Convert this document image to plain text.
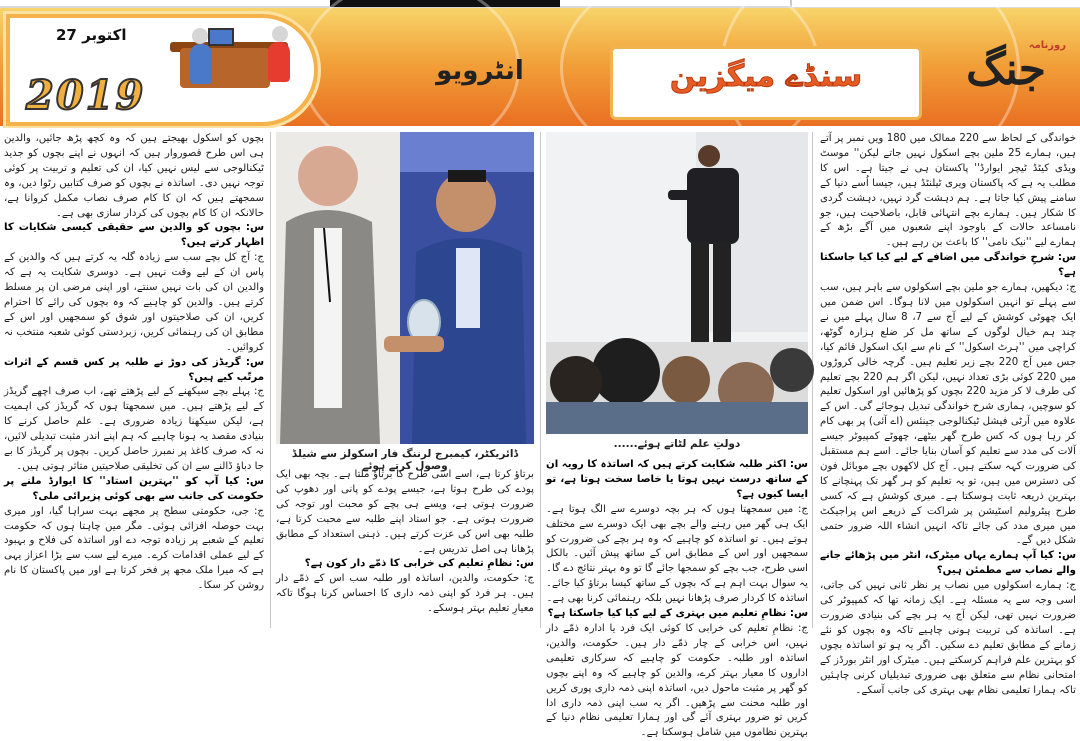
27 اکتوبر
2019
انٹرویو	سنڈے میگزین
روزنامہ
جنگ
خواندگی کے لحاظ سے 220 ممالک میں 180 ویں نمبر پر آتے ہیں، ہمارے 25 ملین بچے اسکول نہیں جاتے لیکن'' موسٹ ویڈی کیٹڈ ٹیچر ایوارڈ'' پاکستان ہی نے جیتا ہے۔ اس کا مطلب یہ ہے کہ پاکستان ویری ٹیلنٹڈ ہیں، جیسا اُسے دنیا کے سامنے پیش کیا جاتا ہے۔ ہم دہشت گرد نہیں، دہشت گردی کا شکار ہیں۔ ہمارے بچے انتہائی قابل، باصلاحیت ہیں، جو نامساعد حالات کے باوجود اپنے شعبوں میں آگے بڑھ کے ہمارے لیے ''نیک نامی'' کا باعث بن رہے ہیں۔
س: شرحِ خواندگی میں اضافے کے لیے کیا کیا جاسکتا ہے؟
ج: دیکھیں، ہمارے جو ملین بچے اسکولوں سے باہر ہیں، سب سے پہلے تو انہیں اسکولوں میں لانا ہوگا۔ اس ضمن میں ایک چھوٹی کوشش کے لیے آج سے 7، 8 سال پہلے میں نے چند ہم خیال لوگوں کے ساتھ مل کر ضلع ہزارہ گوٹھ، کراچی میں ''ہرٹ اسکول'' کے نام سے ایک اسکول قائم کیا، جس میں آج 220 بچے زیر تعلیم ہیں۔ گرچہ خالی کروڑوں میں 220 کوئی بڑی تعداد نہیں، لیکن اگر ہم 220 بچے تعلیم کی طرف لا کر مزید 220 بچوں کو پڑھائیں اور اسکول تعلیم کو سوچیں، ہماری شرح خواندگی تبدیل ہوجائے گی۔ اس کے علاوہ میں آرٹی فیشل ٹیکنالوجی جینئس (اے آئی) پر بھی کام کر رہا ہوں کہ کس طرح گھر بیٹھے، چھوٹے کمپیوٹر جیسے آلات کی مدد سے تعلیم کو آسان بنایا جائے۔ اسے ہم مستقبل کی ضرورت کہہ سکتے ہیں۔ آج کل لاکھوں بچے موبائل فون کی دسترس میں ہیں، تو یہ تعلیم کو ہر گھر تک پہنچانے کا بہترین ذریعہ ثابت ہوسکتا ہے۔ میری کوشش ہے کہ کسی طرح پیٹرولیم اسٹیشن پر شراکت کے ذریعے اس پراجیکٹ میں میری مدد کی جائے تاکہ انہیں انشاء اللہ ضرور حتمی شکل دیں گے۔
س: کیا آپ ہمارے یہاں میٹرک، انٹر میں پڑھائے جانے والے نصاب سے مطمئن ہیں؟
ج: ہمارے اسکولوں میں نصاب پر نظر ثانی نہیں کی جاتی، اسی وجہ سے یہ مسئلہ ہے۔ ایک زمانہ تھا کہ کمپیوٹر کی ضرورت نہیں تھی، لیکن آج یہ ہر بچے کی بنیادی ضرورت ہے۔ اساتذہ کی تربیت ہونی چاہیے تاکہ وہ بچوں کو نئے زمانے کے مطابق تعلیم دے سکیں۔ اگر یہ ہو تو اساتذہ بچوں کو بہترین علم فراہم کرسکتے ہیں۔ میٹرک اور انٹر بورڈز کے امتحانی نظام سے متعلق بھی ضروری تبدیلیاں کرنی چاہئیں تاکہ ہمارا تعلیمی نظام بھی بہتری کی جانب آسکے۔
دولتِ علم لٹاتے ہوئے......
س: اکثر طلبہ شکایت کرتے ہیں کہ اساتذہ کا رویہ ان کے ساتھ درست نہیں ہوتا یا خاصا سخت ہوتا ہے، تو ایسا کیوں ہے؟
ج: میں سمجھتا ہوں کہ ہر بچہ دوسرے سے الگ ہوتا ہے۔ ایک ہی گھر میں رہنے والے بچے بھی ایک دوسرے سے مختلف ہوتے ہیں۔ تو اساتذہ کو چاہیے کہ وہ ہر بچے کی ضرورت کو سمجھیں اور اس کے مطابق اس کے ساتھ پیش آئیں۔ بالکل اسی طرح، جب بچے کو سمجھا جائے گا تو وہ بہتر نتائج دے گا۔ یہ سوال بہت اہم ہے کہ بچوں کے ساتھ کیسا برتاؤ کیا جائے۔ اساتذہ کا کردار صرف پڑھانا نہیں بلکہ رہنمائی کرنا بھی ہے۔
س: نظامِ تعلیم میں بہتری کے لیے کیا کیا جاسکتا ہے؟
ج: نظامِ تعلیم کی خرابی کا کوئی ایک فرد یا ادارہ ذمّے دار نہیں، اس خرابی کے چار ذمّے دار ہیں۔ حکومت، والدین، اساتذہ اور طلبہ۔ حکومت کو چاہیے کہ سرکاری تعلیمی اداروں کا معیار بہتر کرے، والدین کو چاہیے کہ وہ اپنے بچوں کو گھر پر مثبت ماحول دیں، اساتذہ اپنی ذمہ داری پوری کریں اور طلبہ محنت سے پڑھیں۔ اگر یہ سب اپنی ذمہ داری ادا کریں تو ضرور بہتری آئے گی اور ہمارا تعلیمی نظام دنیا کے بہترین نظاموں میں شامل ہوسکتا ہے۔
ڈائریکٹر، کیمبرج لرننگ فار اسکولز سے شیلڈ وصول کرتے ہوئے
برتاؤ کرتا ہے، اسے اسی طرح کا برتاؤ ملتا ہے۔ بچہ بھی ایک پودے کی طرح ہوتا ہے، جیسے پودے کو پانی اور دھوپ کی ضرورت ہوتی ہے، ویسے ہی بچے کو محبت اور توجہ کی ضرورت ہوتی ہے۔ جو استاد اپنے طلبہ سے محبت کرتا ہے، طلبہ بھی اس کی عزت کرتے ہیں۔ ذہنی استعداد کے مطابق پڑھانا ہی اصل تدریس ہے۔
س: نظامِ تعلیم کی خرابی کا ذمّے دار کون ہے؟
ج: حکومت، والدین، اساتذہ اور طلبہ سب اس کے ذمّے دار ہیں۔ ہر فرد کو اپنی ذمہ داری کا احساس کرنا ہوگا تاکہ معیارِ تعلیم بہتر ہوسکے۔
بچوں کو اسکول بھیجتے ہیں کہ وہ کچھ پڑھ جائیں، والدین ہی اس طرح قصوروار ہیں کہ انہوں نے اپنے بچوں کو جدید ٹیکنالوجی سے لیس نہیں کیا، ان کی تعلیم و تربیت پر کوئی توجہ نہیں دی۔ اساتذہ نے بچوں کو صرف کتابیں رٹوا دیں، وہ سمجھتے ہیں کہ ان کا کام صرف نصاب مکمل کروانا ہے، حالانکہ ان کا کام بچوں کی کردار سازی بھی ہے۔
س: بچوں کو والدین سے حقیقی کیسی شکایات کا اظہار کرتے ہیں؟
ج: آج کل بچے سب سے زیادہ گلہ یہ کرتے ہیں کہ والدین کے پاس ان کے لیے وقت نہیں ہے۔ دوسری شکایت یہ ہے کہ والدین ان کی بات نہیں سنتے، اور اپنی مرضی ان پر مسلط کرتے ہیں۔ والدین کو چاہیے کہ وہ بچوں کی رائے کا احترام کریں، ان کی صلاحیتوں اور شوق کو سمجھیں اور اس کے مطابق ان کی رہنمائی کریں، زبردستی کوئی شعبہ منتخب نہ کروائیں۔
س: گریڈز کی دوڑ نے طلبہ پر کس قسم کے اثرات مرتّب کیے ہیں؟
ج: پہلے بچے سیکھنے کے لیے پڑھتے تھے، اب صرف اچھے گریڈز کے لیے پڑھتے ہیں۔ میں سمجھتا ہوں کہ گریڈز کی اہمیت ہے، لیکن سیکھنا زیادہ ضروری ہے۔ علم حاصل کرنے کا بنیادی مقصد یہ ہونا چاہیے کہ ہم اپنے اندر مثبت تبدیلی لائیں، نہ کہ صرف کاغذ پر نمبرز حاصل کریں۔ بچوں پر گریڈز کا بے جا دباؤ ڈالنے سے ان کی تخلیقی صلاحیتیں متاثر ہوتی ہیں۔
س: کیا آپ کو ''بہترین استاد'' کا ایوارڈ ملنے پر حکومت کی جانب سے بھی کوئی پزیرائی ملی؟
ج: جی، حکومتی سطح پر مجھے بہت سراہا گیا، اور میری بہت حوصلہ افزائی ہوئی۔ مگر میں چاہتا ہوں کہ حکومت تعلیم کے شعبے پر زیادہ توجہ دے اور اساتذہ کی فلاح و بہبود کے لیے عملی اقدامات کرے۔ میرے لیے سب سے بڑا اعزاز یہی ہے کہ میرا ملک مجھ پر فخر کرتا ہے اور میں پاکستان کا نام روشن کر سکا۔
